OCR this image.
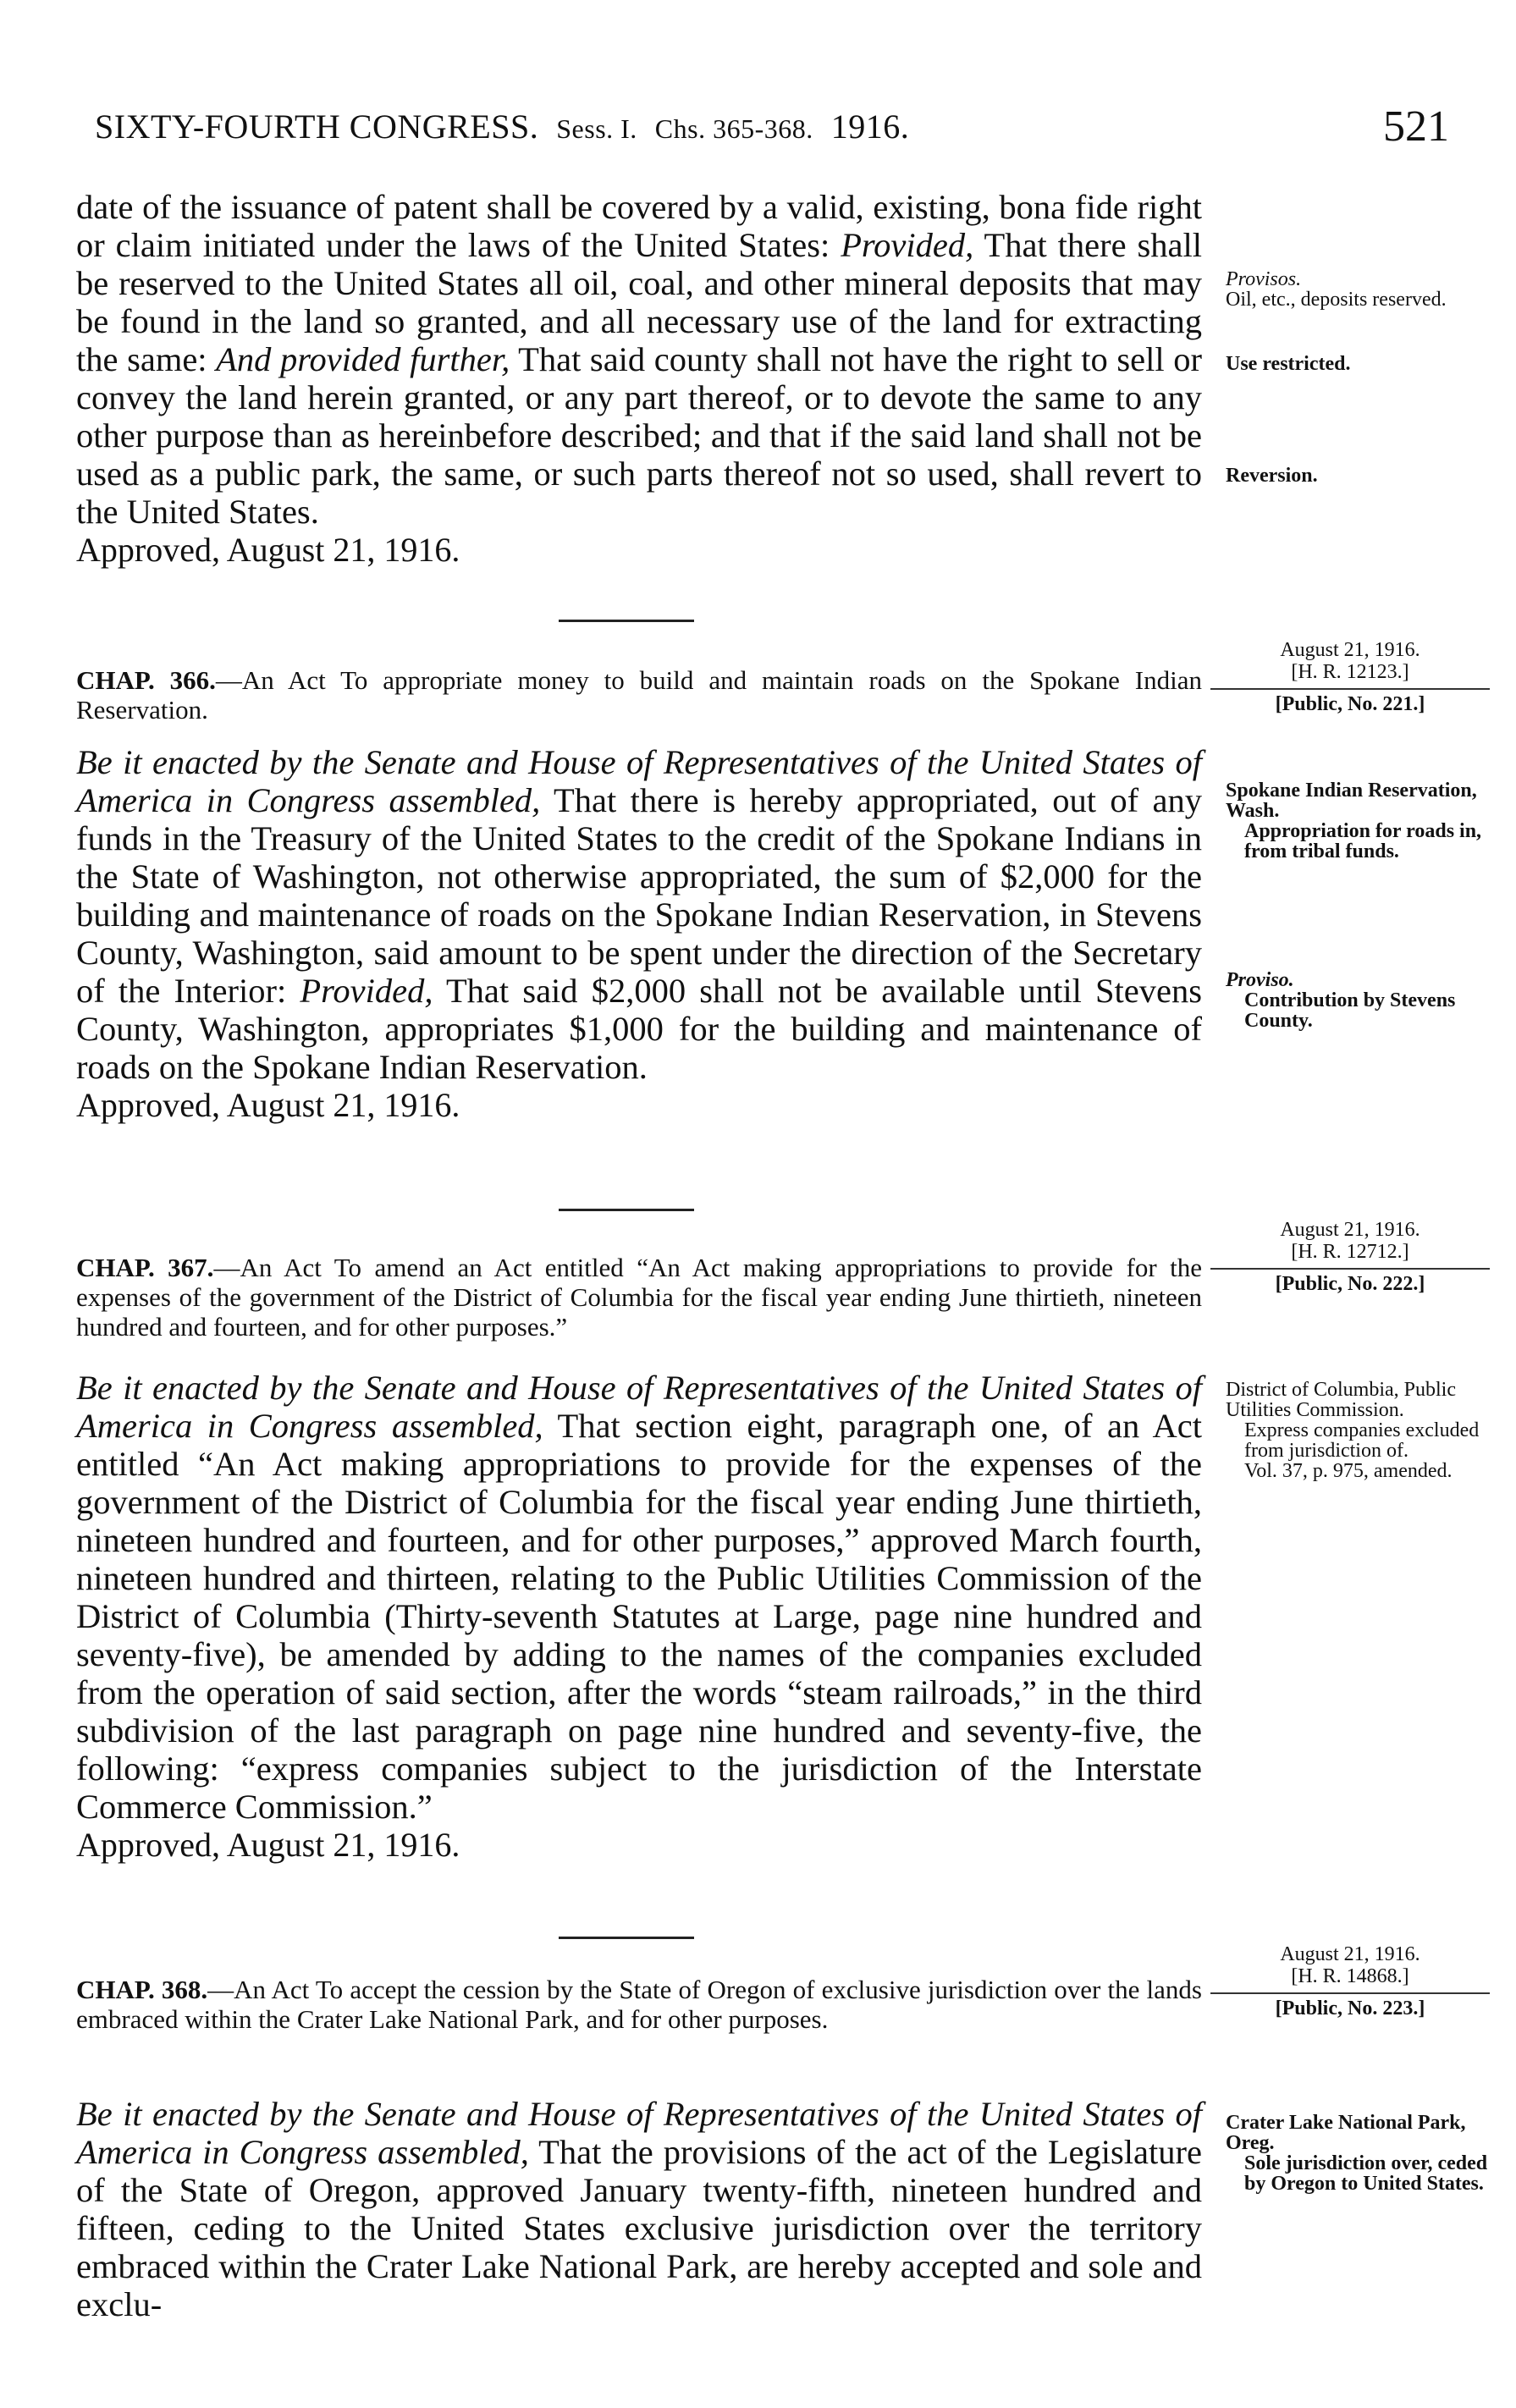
SIXTY-FOURTH CONGRESS. Sess. I. Chs. 365-368. 1916.	521

date of the issuance of patent shall be covered by a valid, existing, bona fide right or claim initiated under the laws of the United States: Provided, That there shall be reserved to the United States all oil, coal, and other mineral deposits that may be found in the land so granted, and all necessary use of the land for extracting the same: And provided further, That said county shall not have the right to sell or convey the land herein granted, or any part thereof, or to devote the same to any other purpose than as hereinbefore described; and that if the said land shall not be used as a public park, the same, or such parts thereof not so used, shall revert to the United States.

Approved, August 21, 1916.

Provisos.
Oil, etc., deposits reserved.
Use restricted.
Reversion.
August 21, 1916.
[H. R. 12123.]
[Public, No. 221.]
CHAP. 366.—An Act To appropriate money to build and maintain roads on the Spokane Indian Reservation.

Be it enacted by the Senate and House of Representatives of the United States of America in Congress assembled, That there is hereby appropriated, out of any funds in the Treasury of the United States to the credit of the Spokane Indians in the State of Washington, not otherwise appropriated, the sum of $2,000 for the building and maintenance of roads on the Spokane Indian Reservation, in Stevens County, Washington, said amount to be spent under the direction of the Secretary of the Interior: Provided, That said $2,000 shall not be available until Stevens County, Washington, appropriates $1,000 for the building and maintenance of roads on the Spokane Indian Reservation.

Approved, August 21, 1916.

Spokane Indian Reservation, Wash.
Appropriation for roads in, from tribal funds.
Proviso.
Contribution by Stevens County.
August 21, 1916.
[H. R. 12712.]
[Public, No. 222.]
CHAP. 367.—An Act To amend an Act entitled “An Act making appropriations to provide for the expenses of the government of the District of Columbia for the fiscal year ending June thirtieth, nineteen hundred and fourteen, and for other purposes.”

Be it enacted by the Senate and House of Representatives of the United States of America in Congress assembled, That section eight, paragraph one, of an Act entitled “An Act making appropriations to provide for the expenses of the government of the District of Columbia for the fiscal year ending June thirtieth, nineteen hundred and fourteen, and for other purposes,” approved March fourth, nineteen hundred and thirteen, relating to the Public Utilities Commission of the District of Columbia (Thirty-seventh Statutes at Large, page nine hundred and seventy-five), be amended by adding to the names of the companies excluded from the operation of said section, after the words “steam railroads,” in the third subdivision of the last paragraph on page nine hundred and seventy-five, the following: “express companies subject to the jurisdiction of the Interstate Commerce Commission.”

Approved, August 21, 1916.

District of Columbia, Public Utilities Commission.
Express companies excluded from jurisdiction of.
Vol. 37, p. 975, amended.
August 21, 1916.
[H. R. 14868.]
[Public, No. 223.]
CHAP. 368.—An Act To accept the cession by the State of Oregon of exclusive jurisdiction over the lands embraced within the Crater Lake National Park, and for other purposes.

Be it enacted by the Senate and House of Representatives of the United States of America in Congress assembled, That the provisions of the act of the Legislature of the State of Oregon, approved January twenty-fifth, nineteen hundred and fifteen, ceding to the United States exclusive jurisdiction over the territory embraced within the Crater Lake National Park, are hereby accepted and sole and exclu-

Crater Lake National Park, Oreg.
Sole jurisdiction over, ceded by Oregon to United States.
